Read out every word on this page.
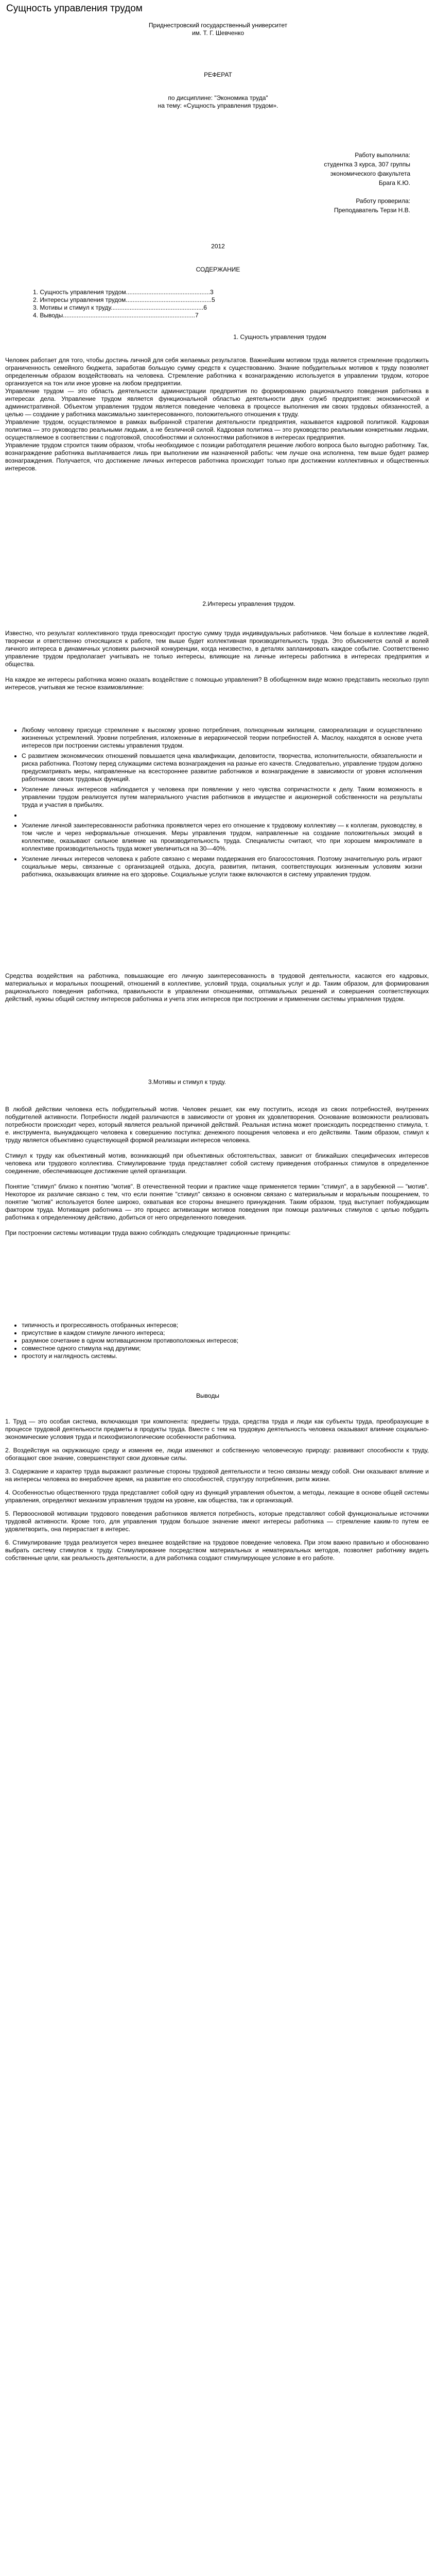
Сущность управления трудом
Приднестровский государственный университет
им. Т. Г. Шевченко
РЕФЕРАТ
по дисциплине: "Экономика труда"
на тему: «Сущность управления трудом».
Работу выполнила:
студентка 3 курса, 307 группы
экономического факультета
Брага К.Ю.
Работу проверила:
Преподаватель Терзи Н.В.
2012
СОДЕРЖАНИЕ
1. Сущность управления трудом.................................................3
2. Интересы управления трудом..................................................5
3. Мотивы и стимул к труду......................................................6
4. Выводы.............................................................................7
1. Сущность управления трудом

Человек работает для того, чтобы достичь личной для себя желаемых результатов. Важнейшим мотивом труда является стремление продолжить ограниченность семейного бюджета, заработав большую сумму средств к существованию. Знание побудительных мотивов к труду позволяет определенным образом воздействовать на человека. Стремление работника к вознаграждению используется в управлении трудом, которое организуется на тон или иное уровне на любом предприятии.

Управление трудом — это область деятельности администрации предприятия по формированию рационального поведения работника в интересах дела. Управление трудом является функциональной областью деятельности двух служб предприятия: экономической и административной. Объектом управления трудом является поведение человека в процессе выполнения им своих трудовых обязанностей, а целью — создание у работника максимально заинтересованного, положительного отношения к труду.

Управление трудом, осуществляемое в рамках выбранной стратегии деятельности предприятия, называется кадровой политикой. Кадровая политика — это руководство реальными людьми, а не безличной силой. Кадровая политика — это руководство реальными конкретными людьми, осуществляемое в соответствии с подготовкой, способностями и склонностями работников в интересах предприятия.

Управление трудом строится таким образом, чтобы необходимое с позиции работодателя решение любого вопроса было выгодно работнику. Так, вознаграждение работника выплачивается лишь при выполнении им назначенной работы: чем лучше она исполнена, тем выше будет размер вознаграждения. Получается, что достижение личных интересов работника происходит только при достижении коллективных и общественных интересов.

2.Интересы управления трудом.

Известно, что результат коллективного труда превосходит простую сумму труда индивидуальных работников. Чем больше в коллективе людей, творчески и ответственно относящихся к работе, тем выше будет коллективная производительность труда. Это объясняется силой и волей личного интереса в динамичных условиях рыночной конкуренции, когда неизвестно, в деталях запланировать каждое событие. Соответственно управление трудом предполагает учитывать не только интересы, влияющие на личные интересы работника в интересах предприятия и общества.

На каждое же интересы работника можно оказать воздействие с помощью управления? В обобщенном виде можно представить несколько групп интересов, учитывая же тесное взаимовлияние:

• Любому человеку присуще стремление к высокому уровню потребления, полноценным жилищем, самореализации и осуществлению жизненных устремлений. Уровни потребления, изложенные в иерархической теории потребностей А. Маслоу, находятся в основе учета интересов при построении системы управления трудом.
• С развитием экономических отношений повышается цена квалификации, деловитости, творчества, исполнительности, обязательности и риска работника. Поэтому перед служащими система вознаграждения на разные его качеств. Следовательно, управление трудом должно предусматривать меры, направленные на всестороннее развитие работников и вознаграждение в зависимости от уровня исполнения работником своих трудовых функций.
• Усиление личных интересов наблюдается у человека при появлении у него чувства сопричастности к делу. Таким возможность в управлении трудом реализуется путем материального участия работников в имуществе и акционерной собственности на результаты труда и участия в прибылях.
•
• Усиление личной заинтересованности работника проявляется через его отношение к трудовому коллективу — к коллегам, руководству, в том числе и через неформальные отношения. Меры управления трудом, направленные на создание положительных эмоций в коллективе, оказывают сильное влияние на производительность труда. Специалисты считают, что при хорошем микроклимате в коллективе производительность труда может увеличиться на 30—40%.
• Усиление личных интересов человека к работе связано с мерами поддержания его благосостояния. Поэтому значительную роль играют социальные меры, связанные с организацией отдыха, досуга, развития, питания, соответствующих жизненным условиям жизни работника, оказывающих влияние на его здоровье. Социальные услуги также включаются в систему управления трудом.

Средства воздействия на работника, повышающие его личную заинтересованность в трудовой деятельности, касаются его кадровых, материальных и моральных поощрений, отношений в коллективе, условий труда, социальных услуг и др. Таким образом, для формирования рационального поведения работника, правильности в управлении отношениями, оптимальных решений и совершения соответствующих действий, нужны общий систему интересов работника и учета этих интересов при построении и применении системы управления трудом.

3.Мотивы и стимул к труду.

В любой действии человека есть побудительный мотив. Человек решает, как ему поступить, исходя из своих потребностей, внутренних побудителей активности. Потребности людей различаются в зависимости от уровня их удовлетворения. Основание возможности реализовать потребности происходит через, который является реальной причиной действий. Реальная истина может происходить посредственно стимула, т. е. инструмента, вынуждающего человека к совершению поступка: денежного поощрения человека и его действиям. Таким образом, стимул к труду является объективно существующей формой реализации интересов человека.

Стимул к труду как объективный мотив, возникающий при объективных обстоятельствах, зависит от ближайших специфических интересов человека или трудового коллектива. Стимулирование труда представляет собой систему приведения отобранных стимулов в определенное соединение, обеспечивающее достижение целей организации.

Понятие "стимул" близко к понятию "мотив". В отечественной теории и практике чаще применяется термин "стимул", а в зарубежной — "мотив". Некоторое их различие связано с тем, что если понятие "стимул" связано в основном связано с материальным и моральным поощрением, то понятие "мотив" используется более широко, охватывая все стороны внешнего принуждения. Таким образом, труд выступает побуждающим фактором труда. Мотивация работника — это процесс активизации мотивов поведения при помощи различных стимулов с целью побудить работника к определенному действию, добиться от него определенного поведения.

При построении системы мотивации труда важно соблюдать следующие традиционные принципы:

• типичность и прогрессивность отобранных интересов;
• присутствие в каждом стимуле личного интереса;
• разумное сочетание в одном мотивационном противоположных интересов;
• совместное одного стимула над другими;
• простоту и наглядность системы.
Выводы

1. Труд — это особая система, включающая три компонента: предметы труда, средства труда и люди как субъекты труда, преобразующие в процессе трудовой деятельности предметы в продукты труда. Вместе с тем на трудовую деятельность человека оказывают влияние социально-экономические условия труда и психофизиологические особенности работника.

2. Воздействуя на окружающую среду и изменяя ее, люди изменяют и собственную человеческую природу: развивают способности к труду, обогащают свое знание, совершенствуют свои духовные силы.

3. Содержание и характер труда выражают различные стороны трудовой деятельности и тесно связаны между собой. Они оказывают влияние и на интересы человека во внерабочее время, на развитие его способностей, структуру потребления, ритм жизни.

4. Особенностью общественного труда представляет собой одну из функций управления объектом, а методы, лежащие в основе общей системы управления, определяют механизм управления трудом на уровне, как общества, так и организаций.

5. Первоосновой мотивации трудового поведения работников является потребность, которые представляют собой функциональные источники трудовой активности. Кроме того, для управления трудом большое значение имеют интересы работника — стремление каким-то путем ее удовлетворить, она перерастает в интерес.

6. Стимулирование труда реализуется через внешнее воздействие на трудовое поведение человека. При этом важно правильно и обоснованно выбрать систему стимулов к труду. Стимулирование посредством материальных и нематериальных методов, позволяет работнику видеть собственные цели, как реальность деятельности, а для работника создают стимулирующее условие в его работе.
